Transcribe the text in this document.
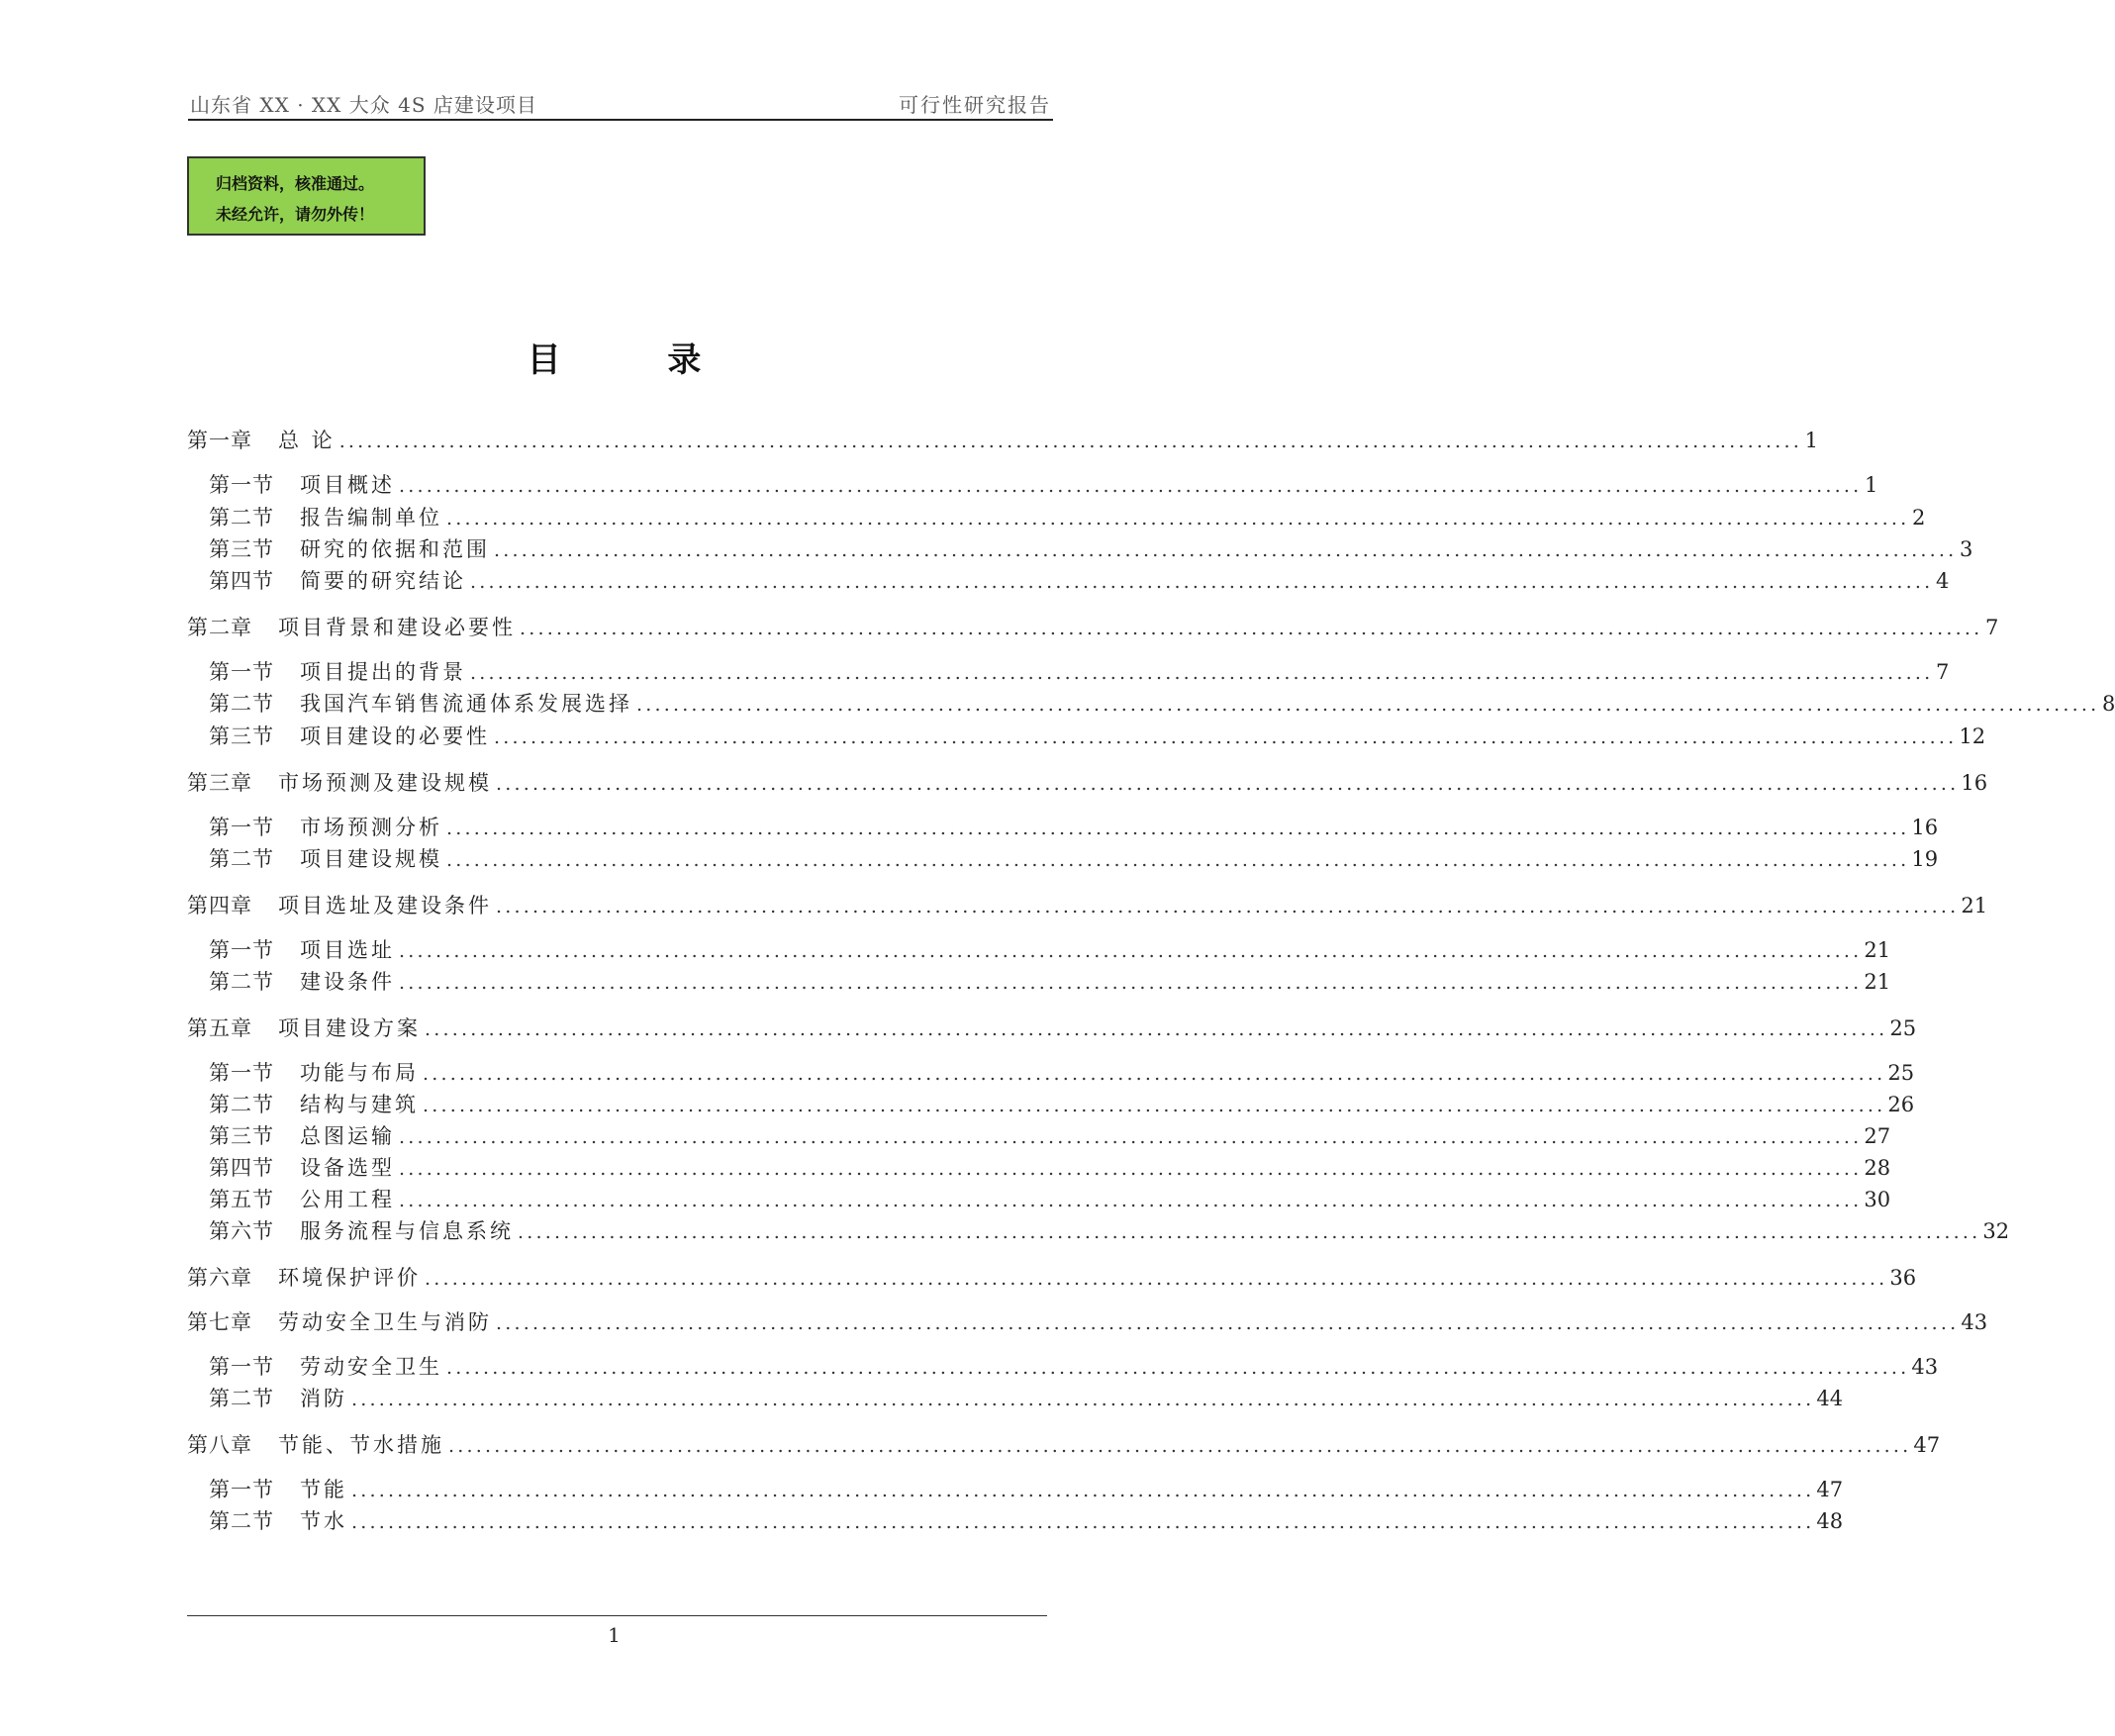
山东省 XX · XX 大众 4S 店建设项目	可行性研究报告
归档资料，核准通过。
未经允许，请勿外传！
目 录
第一章 总 论 ................................................................................................................................................................ 1
第一节 项目概述 ................................................................................................................................................................ 1
第二节 报告编制单位 ................................................................................................................................................................ 2
第三节 研究的依据和范围 ................................................................................................................................................................ 3
第四节 简要的研究结论 ................................................................................................................................................................ 4
第二章 项目背景和建设必要性 ................................................................................................................................................................ 7
第一节 项目提出的背景 ................................................................................................................................................................ 7
第二节 我国汽车销售流通体系发展选择 ................................................................................................................................................................ 8
第三节 项目建设的必要性 ................................................................................................................................................................ 12
第三章 市场预测及建设规模 ................................................................................................................................................................ 16
第一节 市场预测分析 ................................................................................................................................................................ 16
第二节 项目建设规模 ................................................................................................................................................................ 19
第四章 项目选址及建设条件 ................................................................................................................................................................ 21
第一节 项目选址 ................................................................................................................................................................ 21
第二节 建设条件 ................................................................................................................................................................ 21
第五章 项目建设方案 ................................................................................................................................................................ 25
第一节 功能与布局 ................................................................................................................................................................ 25
第二节 结构与建筑 ................................................................................................................................................................ 26
第三节 总图运输 ................................................................................................................................................................ 27
第四节 设备选型 ................................................................................................................................................................ 28
第五节 公用工程 ................................................................................................................................................................ 30
第六节 服务流程与信息系统 ................................................................................................................................................................ 32
第六章 环境保护评价 ................................................................................................................................................................ 36
第七章 劳动安全卫生与消防 ................................................................................................................................................................ 43
第一节 劳动安全卫生 ................................................................................................................................................................ 43
第二节 消防 ................................................................................................................................................................ 44
第八章 节能、节水措施 ................................................................................................................................................................ 47
第一节 节能 ................................................................................................................................................................ 47
第二节 节水 ................................................................................................................................................................ 48
1
